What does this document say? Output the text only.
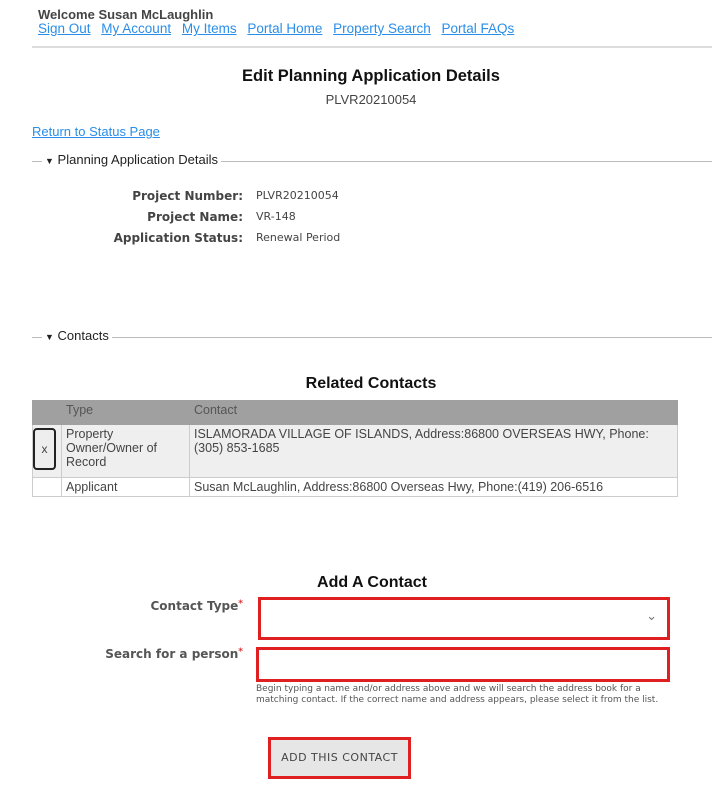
Welcome Susan McLaughlin
Sign Out My Account My Items Portal Home Property Search Portal FAQs
Edit Planning Application Details
PLVR20210054
Return to Status Page
▼ Planning Application Details
Project Number: PLVR20210054
Project Name: VR-148
Application Status: Renewal Period
▼ Contacts
Related Contacts
	Type	Contact
x	Property Owner/Owner of Record	ISLAMORADA VILLAGE OF ISLANDS, Address:86800 OVERSEAS HWY, Phone:(305) 853-1685
	Applicant	Susan McLaughlin, Address:86800 Overseas Hwy, Phone:(419) 206-6516
Add A Contact
Contact Type*
⌄
Search for a person*
Begin typing a name and/or address above and we will search the address book for a matching contact. If the correct name and address appears, please select it from the list.
ADD THIS CONTACT
